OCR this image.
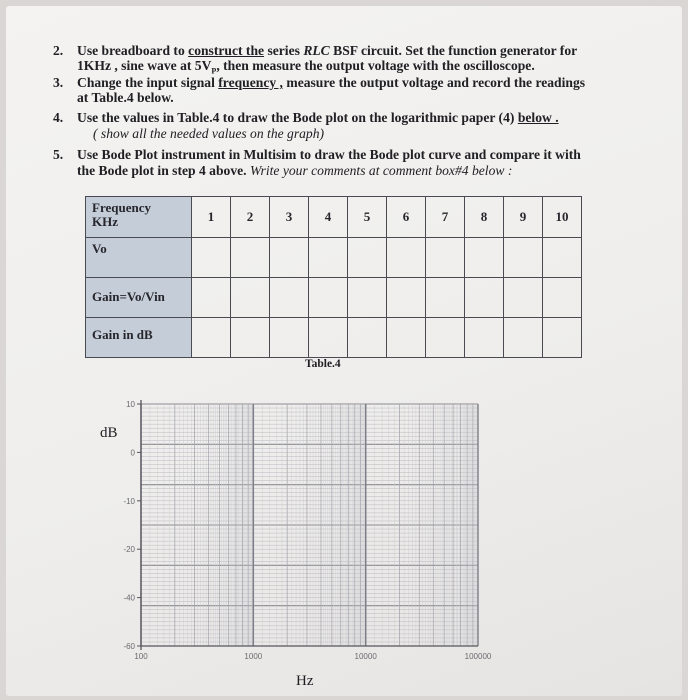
2.	Use breadboard to construct the series RLC BSF circuit. Set the function generator for
1KHz , sine wave at $5V_P$, then measure the output voltage with the oscilloscope.
3.	Change the input signal frequency , measure the output voltage and record the readings
at Table.4 below.
4.	Use the values in Table.4 to draw the Bode plot on the logarithmic paper (4) below .
( show all the needed values on the graph)
5.	Use Bode Plot instrument in Multisim to draw the Bode plot curve and compare it with
the Bode plot in step 4 above. Write your comments at comment box#4 below :
Frequency
KHz	1	2	3	4	5	6	7	8	9	10
Vo										
Gain=Vo/Vin										
Gain in dB										
Table.4
dB
10
0
-10
-20
-40
-60
100	1000	10000	100000
Hz
